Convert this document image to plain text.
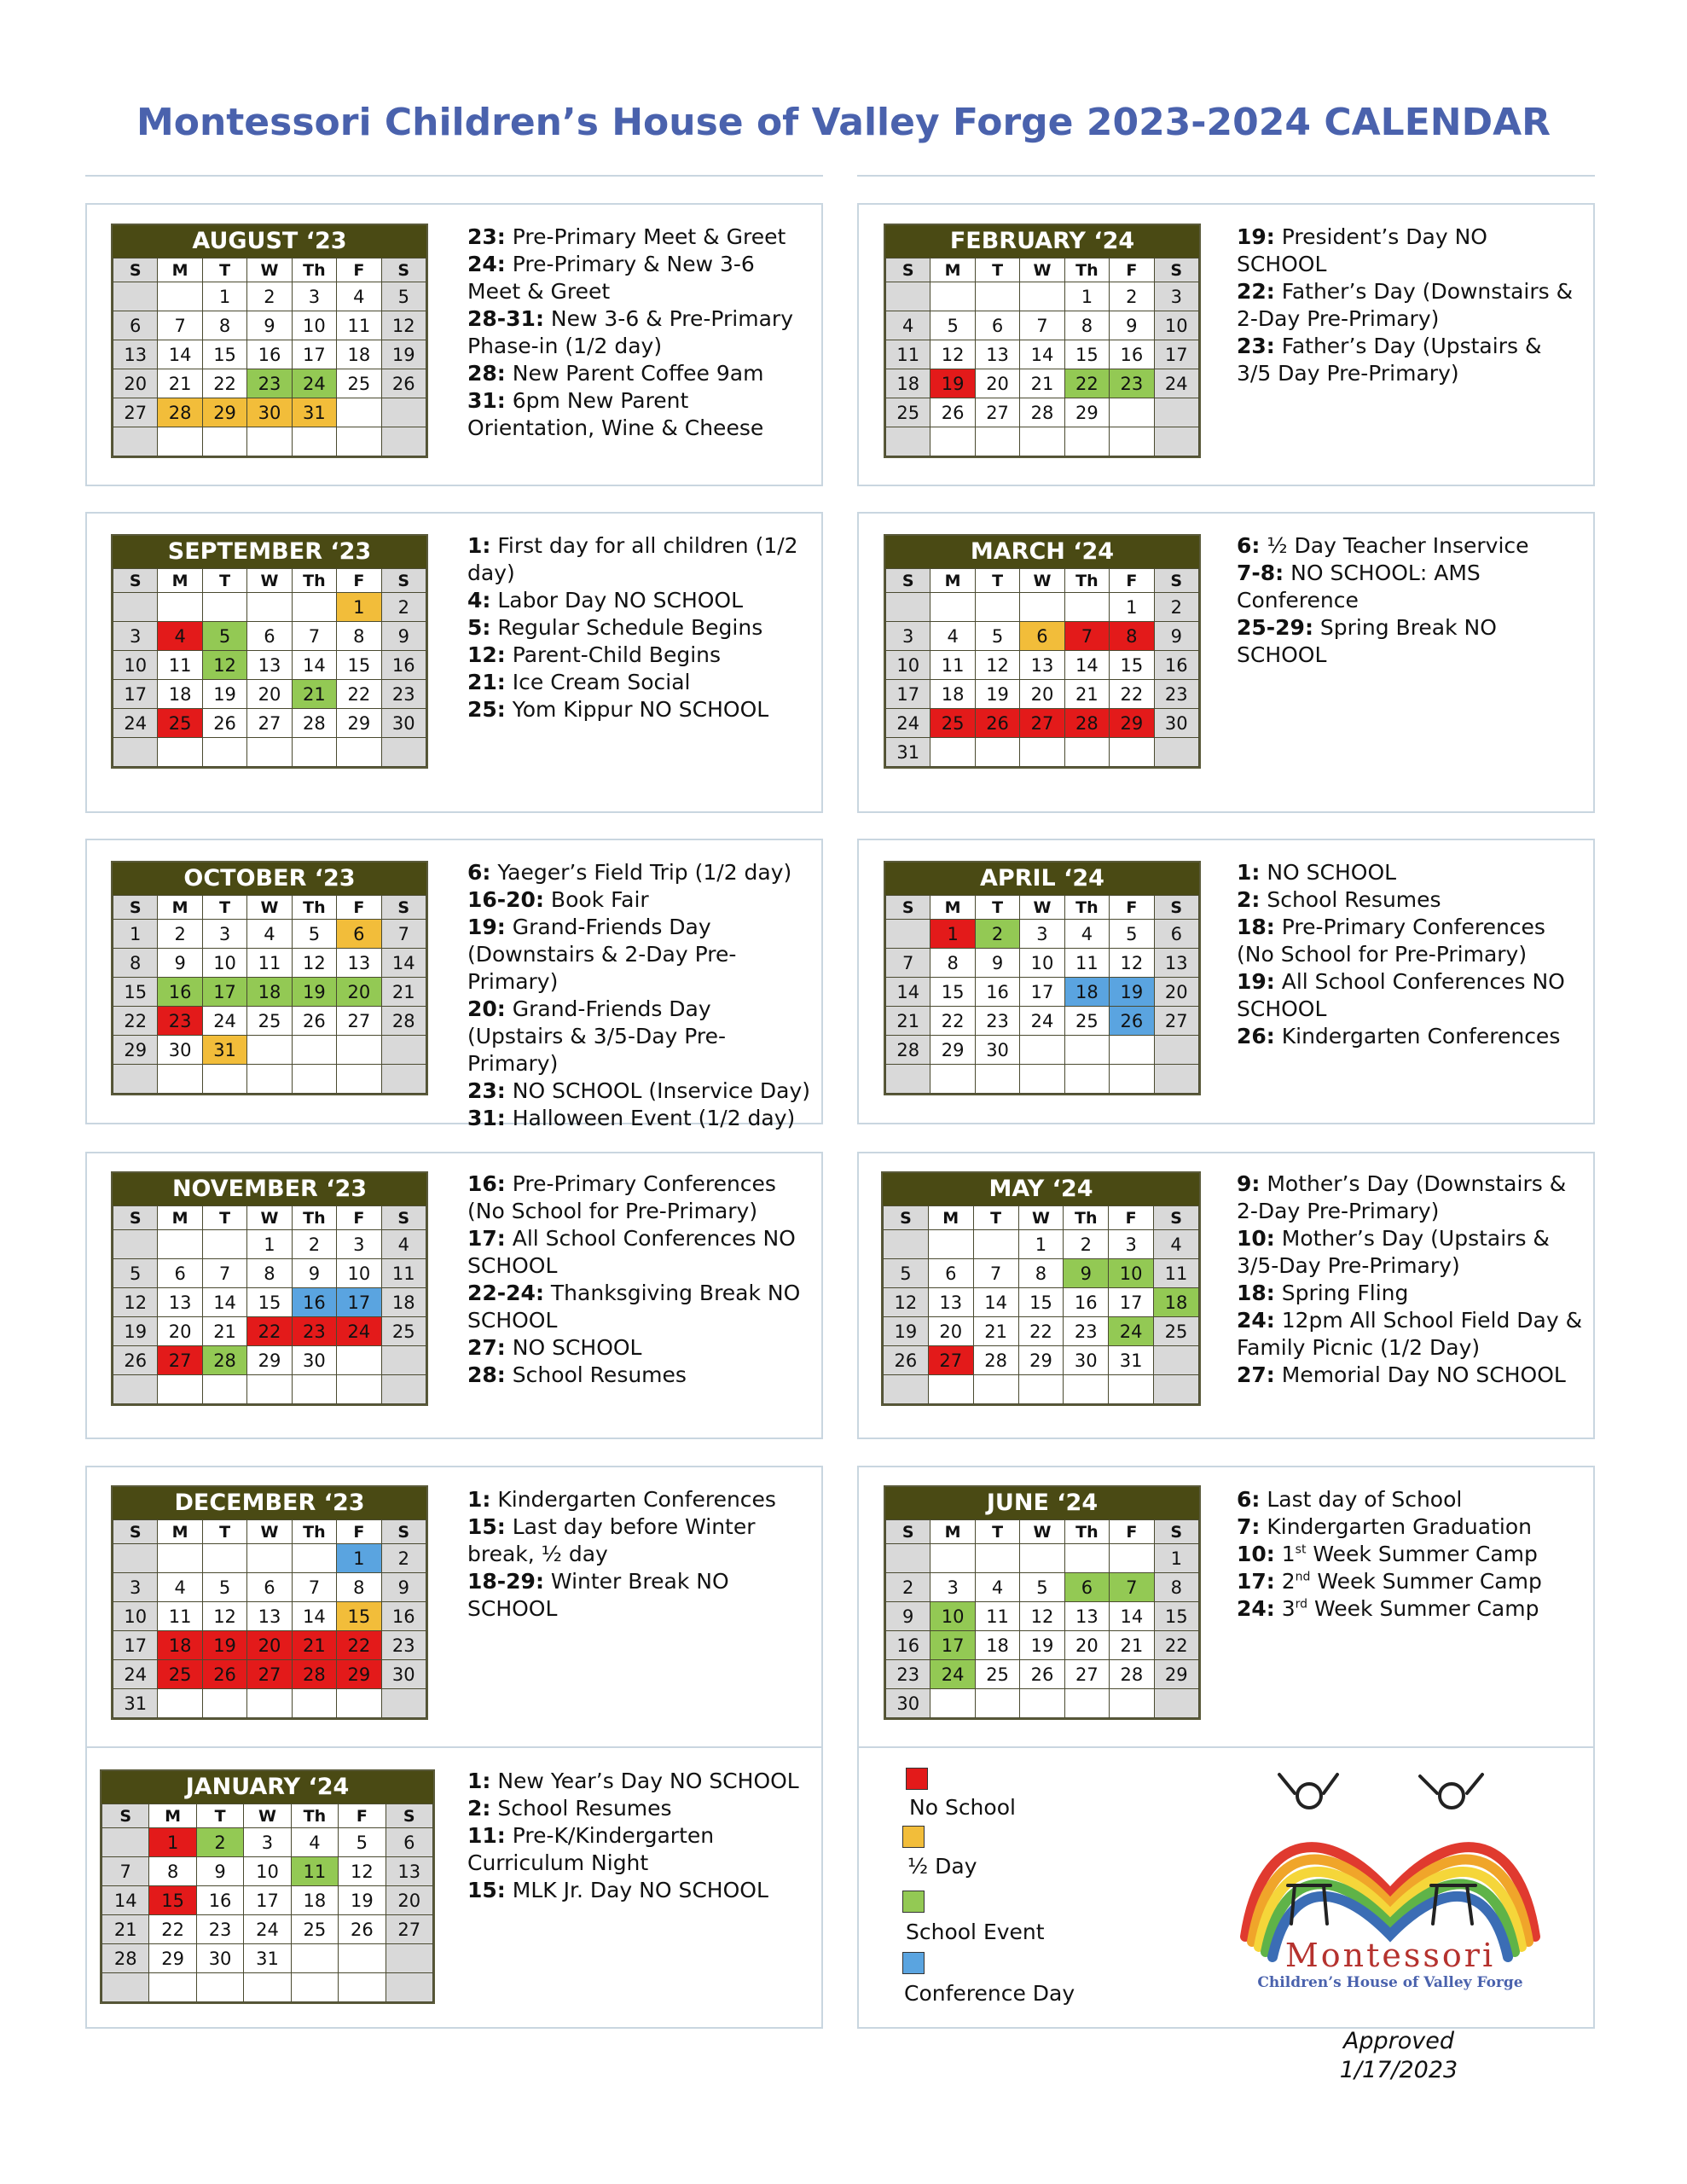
Montessori Children’s House of Valley Forge 2023-2024 CALENDAR
AUGUST ‘23
S	M	T	W	Th	F	S
		1	2	3	4	5
6	7	8	9	10	11	12
13	14	15	16	17	18	19
20	21	22	23	24	25	26
27	28	29	30	31		

FEBRUARY ‘24
S	M	T	W	Th	F	S
				1	2	3
4	5	6	7	8	9	10
11	12	13	14	15	16	17
18	19	20	21	22	23	24
25	26	27	28	29		

SEPTEMBER ‘23
S	M	T	W	Th	F	S
					1	2
3	4	5	6	7	8	9
10	11	12	13	14	15	16
17	18	19	20	21	22	23
24	25	26	27	28	29	30

MARCH ‘24
S	M	T	W	Th	F	S
					1	2
3	4	5	6	7	8	9
10	11	12	13	14	15	16
17	18	19	20	21	22	23
24	25	26	27	28	29	30
31						
OCTOBER ‘23
S	M	T	W	Th	F	S
1	2	3	4	5	6	7
8	9	10	11	12	13	14
15	16	17	18	19	20	21
22	23	24	25	26	27	28
29	30	31				

APRIL ‘24
S	M	T	W	Th	F	S
	1	2	3	4	5	6
7	8	9	10	11	12	13
14	15	16	17	18	19	20
21	22	23	24	25	26	27
28	29	30				

NOVEMBER ‘23
S	M	T	W	Th	F	S
			1	2	3	4
5	6	7	8	9	10	11
12	13	14	15	16	17	18
19	20	21	22	23	24	25
26	27	28	29	30		

MAY ‘24
S	M	T	W	Th	F	S
			1	2	3	4
5	6	7	8	9	10	11
12	13	14	15	16	17	18
19	20	21	22	23	24	25
26	27	28	29	30	31	

DECEMBER ‘23
S	M	T	W	Th	F	S
					1	2
3	4	5	6	7	8	9
10	11	12	13	14	15	16
17	18	19	20	21	22	23
24	25	26	27	28	29	30
31						
JUNE ‘24
S	M	T	W	Th	F	S
						1
2	3	4	5	6	7	8
9	10	11	12	13	14	15
16	17	18	19	20	21	22
23	24	25	26	27	28	29
30						
JANUARY ‘24
S	M	T	W	Th	F	S
	1	2	3	4	5	6
7	8	9	10	11	12	13
14	15	16	17	18	19	20
21	22	23	24	25	26	27
28	29	30	31			

23: Pre-Primary Meet & Greet
24: Pre-Primary & New 3-6 Meet & Greet
28-31: New 3-6 & Pre-Primary Phase-in (1/2 day)
28: New Parent Coffee 9am
31: 6pm New Parent Orientation, Wine & Cheese
19: President’s Day NO SCHOOL
22: Father’s Day (Downstairs & 2-Day Pre-Primary)
23: Father’s Day (Upstairs & 3/5 Day Pre-Primary)
1: First day for all children (1/2 day)
4: Labor Day NO SCHOOL
5: Regular Schedule Begins
12: Parent-Child Begins
21: Ice Cream Social
25: Yom Kippur NO SCHOOL
6: ½ Day Teacher Inservice
7-8: NO SCHOOL: AMS Conference
25-29: Spring Break NO SCHOOL
6: Yaeger’s Field Trip (1/2 day)
16-20: Book Fair
19: Grand-Friends Day (Downstairs & 2-Day Pre-Primary)
20: Grand-Friends Day (Upstairs & 3/5-Day Pre-Primary)
23: NO SCHOOL (Inservice Day)
31: Halloween Event (1/2 day)
1: NO SCHOOL
2: School Resumes
18: Pre-Primary Conferences (No School for Pre-Primary)
19: All School Conferences NO SCHOOL
26: Kindergarten Conferences
16: Pre-Primary Conferences (No School for Pre-Primary)
17: All School Conferences NO SCHOOL
22-24: Thanksgiving Break NO SCHOOL
27: NO SCHOOL
28: School Resumes
9: Mother’s Day (Downstairs & 2-Day Pre-Primary)
10: Mother’s Day (Upstairs & 3/5-Day Pre-Primary)
18: Spring Fling
24: 12pm All School Field Day & Family Picnic (1/2 Day)
27: Memorial Day NO SCHOOL
1: Kindergarten Conferences
15: Last day before Winter break, ½ day
18-29: Winter Break NO SCHOOL
6: Last day of School
7: Kindergarten Graduation
10: 1st Week Summer Camp
17: 2nd Week Summer Camp
24: 3rd Week Summer Camp
1: New Year’s Day NO SCHOOL
2: School Resumes
11: Pre-K/Kindergarten Curriculum Night
15: MLK Jr. Day NO SCHOOL
No School
½ Day
School Event
Conference Day
Montessori
Children’s House of Valley Forge
Approved
1/17/2023
